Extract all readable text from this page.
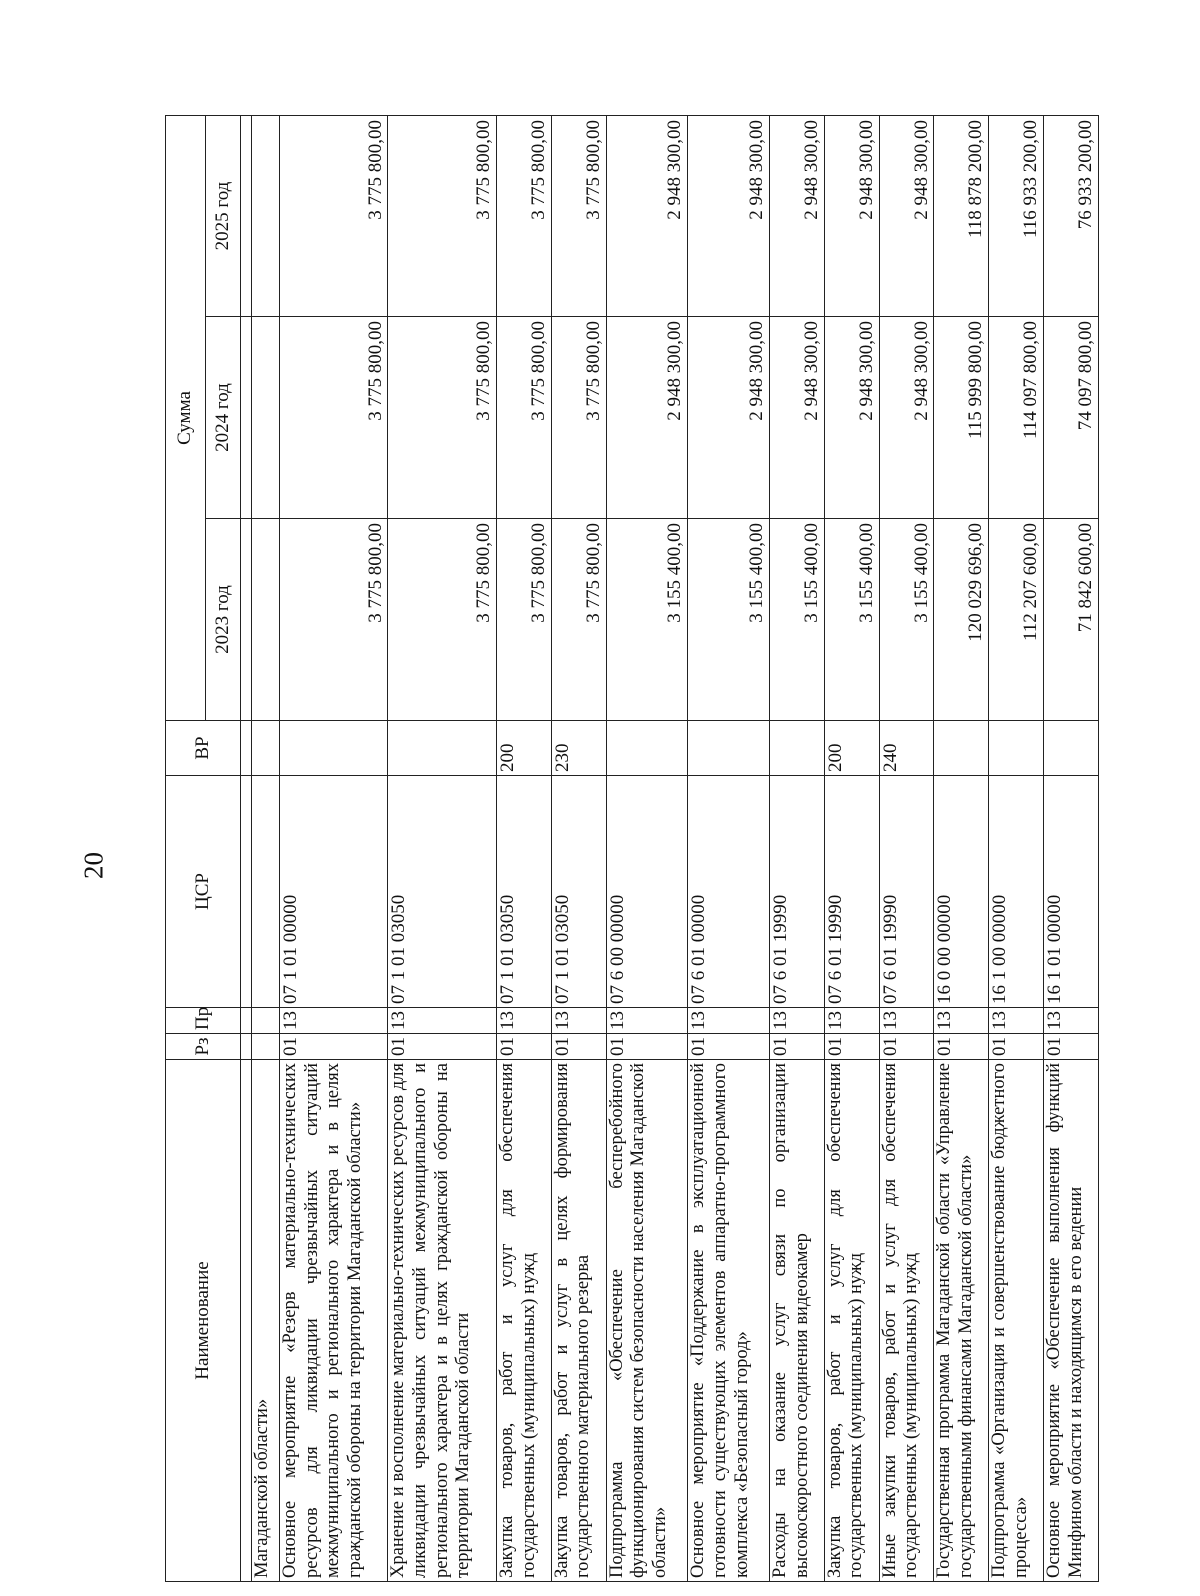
20
Наименование	Рз	Пр	ЦСР	ВР	Сумма		
					2023 год	2024 год	2025 год

Магаданской области»							
Основное мероприятие «Резерв материально-технических ресурсов для ликвидации чрезвычайных ситуаций межмуниципального и регионального характера и в целях гражданской обороны на территории Магаданской области»	01	13	07 1 01 00000		3 775 800,00	3 775 800,00	3 775 800,00
Хранение и восполнение материально-технических ресурсов для ликвидации чрезвычайных ситуаций межмуниципального и регионального характера и в целях гражданской обороны на территории Магаданской области	01	13	07 1 01 03050		3 775 800,00	3 775 800,00	3 775 800,00
Закупка товаров, работ и услуг для обеспечения государственных (муниципальных) нужд	01	13	07 1 01 03050	200	3 775 800,00	3 775 800,00	3 775 800,00
Закупка товаров, работ и услуг в целях формирования государственного материального резерва	01	13	07 1 01 03050	230	3 775 800,00	3 775 800,00	3 775 800,00
Подпрограмма «Обеспечение бесперебойного функционирования систем безопасности населения Магаданской области»	01	13	07 6 00 00000		3 155 400,00	2 948 300,00	2 948 300,00
Основное мероприятие «Поддержание в эксплуатационной готовности существующих элементов аппаратно-программного комплекса «Безопасный город»	01	13	07 6 01 00000		3 155 400,00	2 948 300,00	2 948 300,00
Расходы на оказание услуг связи по организации высокоскоростного соединения видеокамер	01	13	07 6 01 19990		3 155 400,00	2 948 300,00	2 948 300,00
Закупка товаров, работ и услуг для обеспечения государственных (муниципальных) нужд	01	13	07 6 01 19990	200	3 155 400,00	2 948 300,00	2 948 300,00
Иные закупки товаров, работ и услуг для обеспечения государственных (муниципальных) нужд	01	13	07 6 01 19990	240	3 155 400,00	2 948 300,00	2 948 300,00
Государственная программа Магаданской области «Управление государственными финансами Магаданской области»	01	13	16 0 00 00000		120 029 696,00	115 999 800,00	118 878 200,00
Подпрограмма «Организация и совершенствование бюджетного процесса»	01	13	16 1 00 00000		112 207 600,00	114 097 800,00	116 933 200,00
Основное мероприятие «Обеспечение выполнения функций Минфином области и находящимся в его ведении	01	13	16 1 01 00000		71 842 600,00	74 097 800,00	76 933 200,00
